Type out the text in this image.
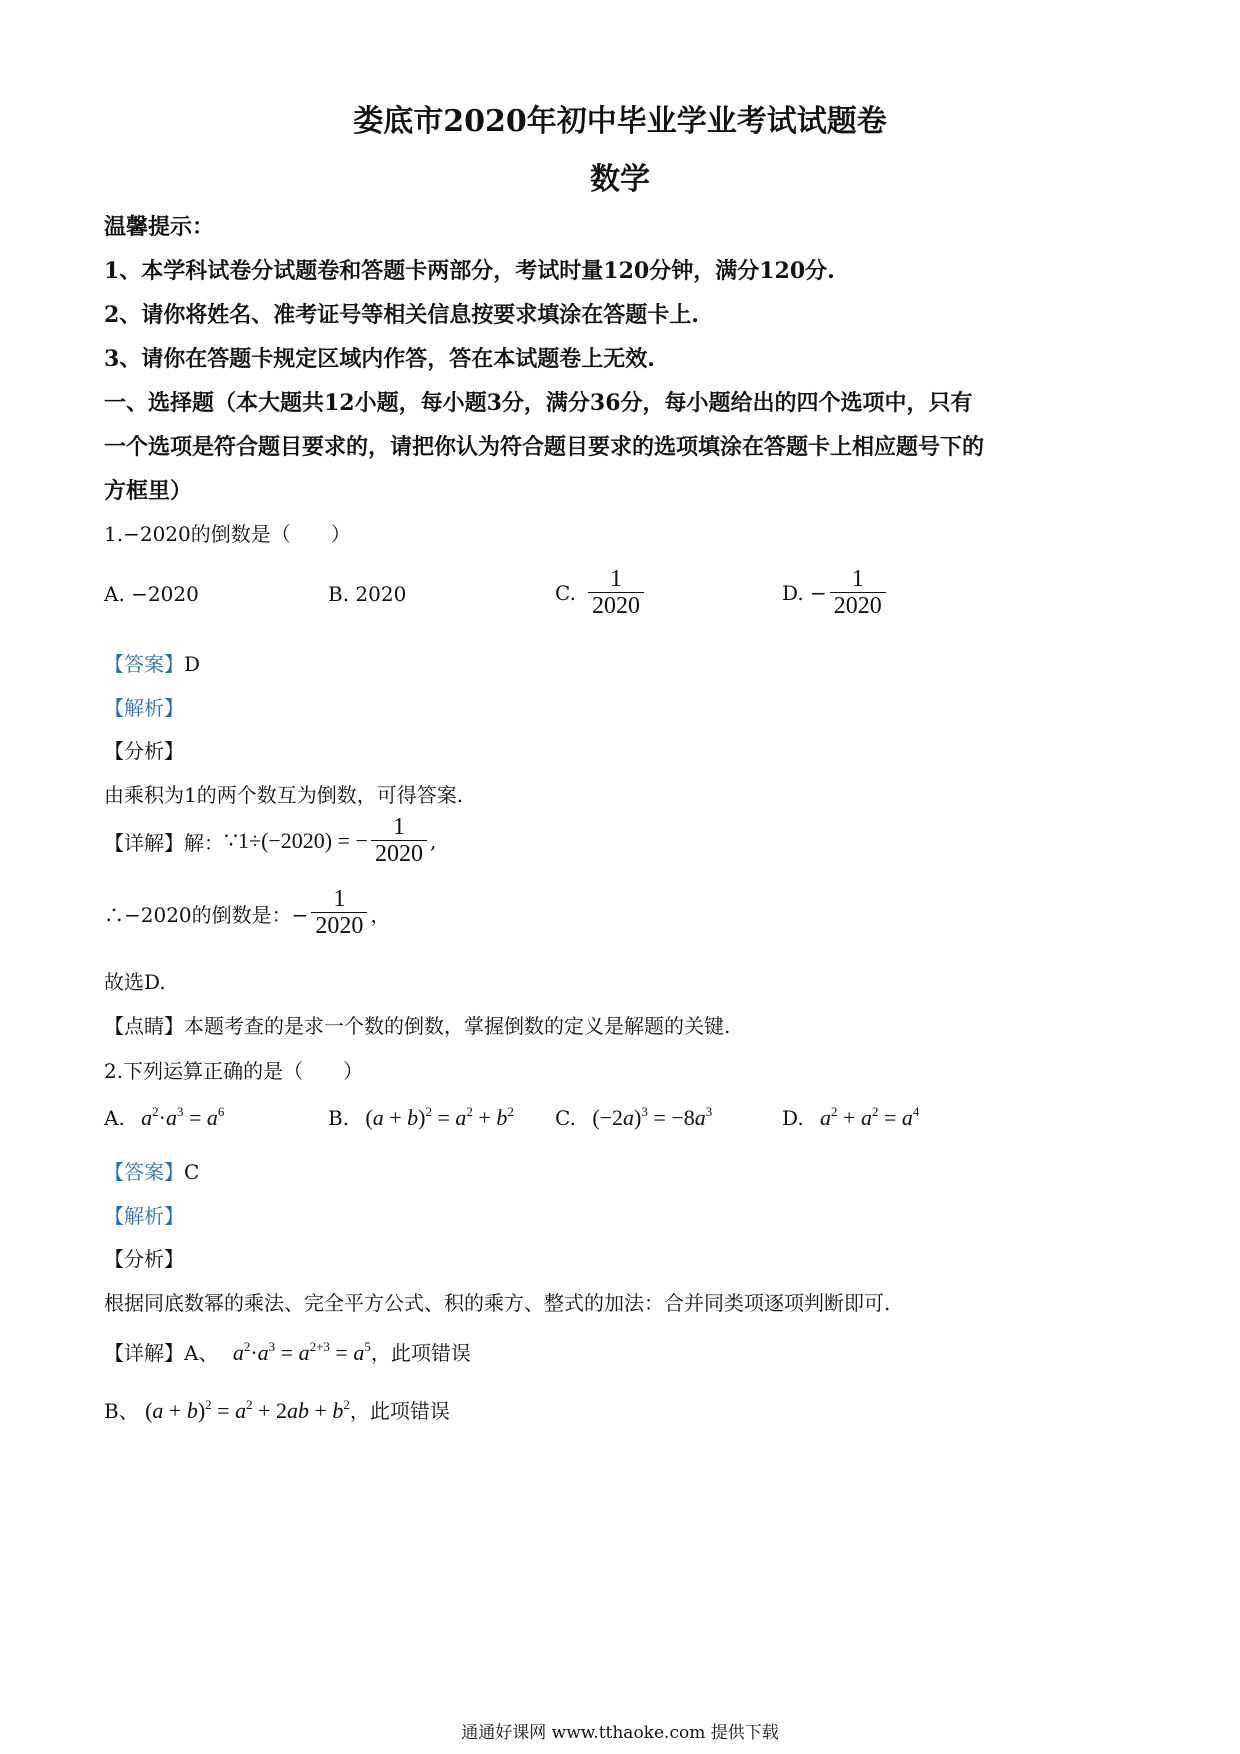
娄底市2020年初中毕业学业考试试题卷
数学
温馨提示：
1、本学科试卷分试题卷和答题卡两部分，考试时量120分钟，满分120分.
2、请你将姓名、准考证号等相关信息按要求填涂在答题卡上.
3、请你在答题卡规定区域内作答，答在本试题卷上无效.
一、选择题（本大题共12小题，每小题3分，满分36分，每小题给出的四个选项中，只有
一个选项是符合题目要求的，请把你认为符合题目要求的选项填涂在答题卡上相应题号下的
方框里）
1.−2020的倒数是（　　）
A. −2020	B. 2020	C. $\frac{1}{2020}$	D. − $\frac{1}{2020}$
【答案】D
【解析】
【分析】
由乘积为1的两个数互为倒数，可得答案.
【详解】解： ∵1÷(−2020) = − $\frac{1}{2020}$ ,
∴−2020的倒数是：− $\frac{1}{2020}$ ，
故选D.
【点睛】本题考查的是求一个数的倒数，掌握倒数的定义是解题的关键.
2.下列运算正确的是（　　）
A. $a^2\cdot a^3 = a^6$	B. $(a + b)^2 = a^2 + b^2$ C. $(-2a)^3 = -8a^3$	D. $a^2 + a^2 = a^4$
【答案】C
【解析】
【分析】
根据同底数幂的乘法、完全平方公式、积的乘方、整式的加法：合并同类项逐项判断即可.
【详解】A、 $a^2\cdot a^3 = a^{2+3} = a^5$，此项错误
B、 $(a + b)^2 = a^2 + 2ab + b^2$，此项错误
通通好课网 www.tthaoke.com 提供下载
